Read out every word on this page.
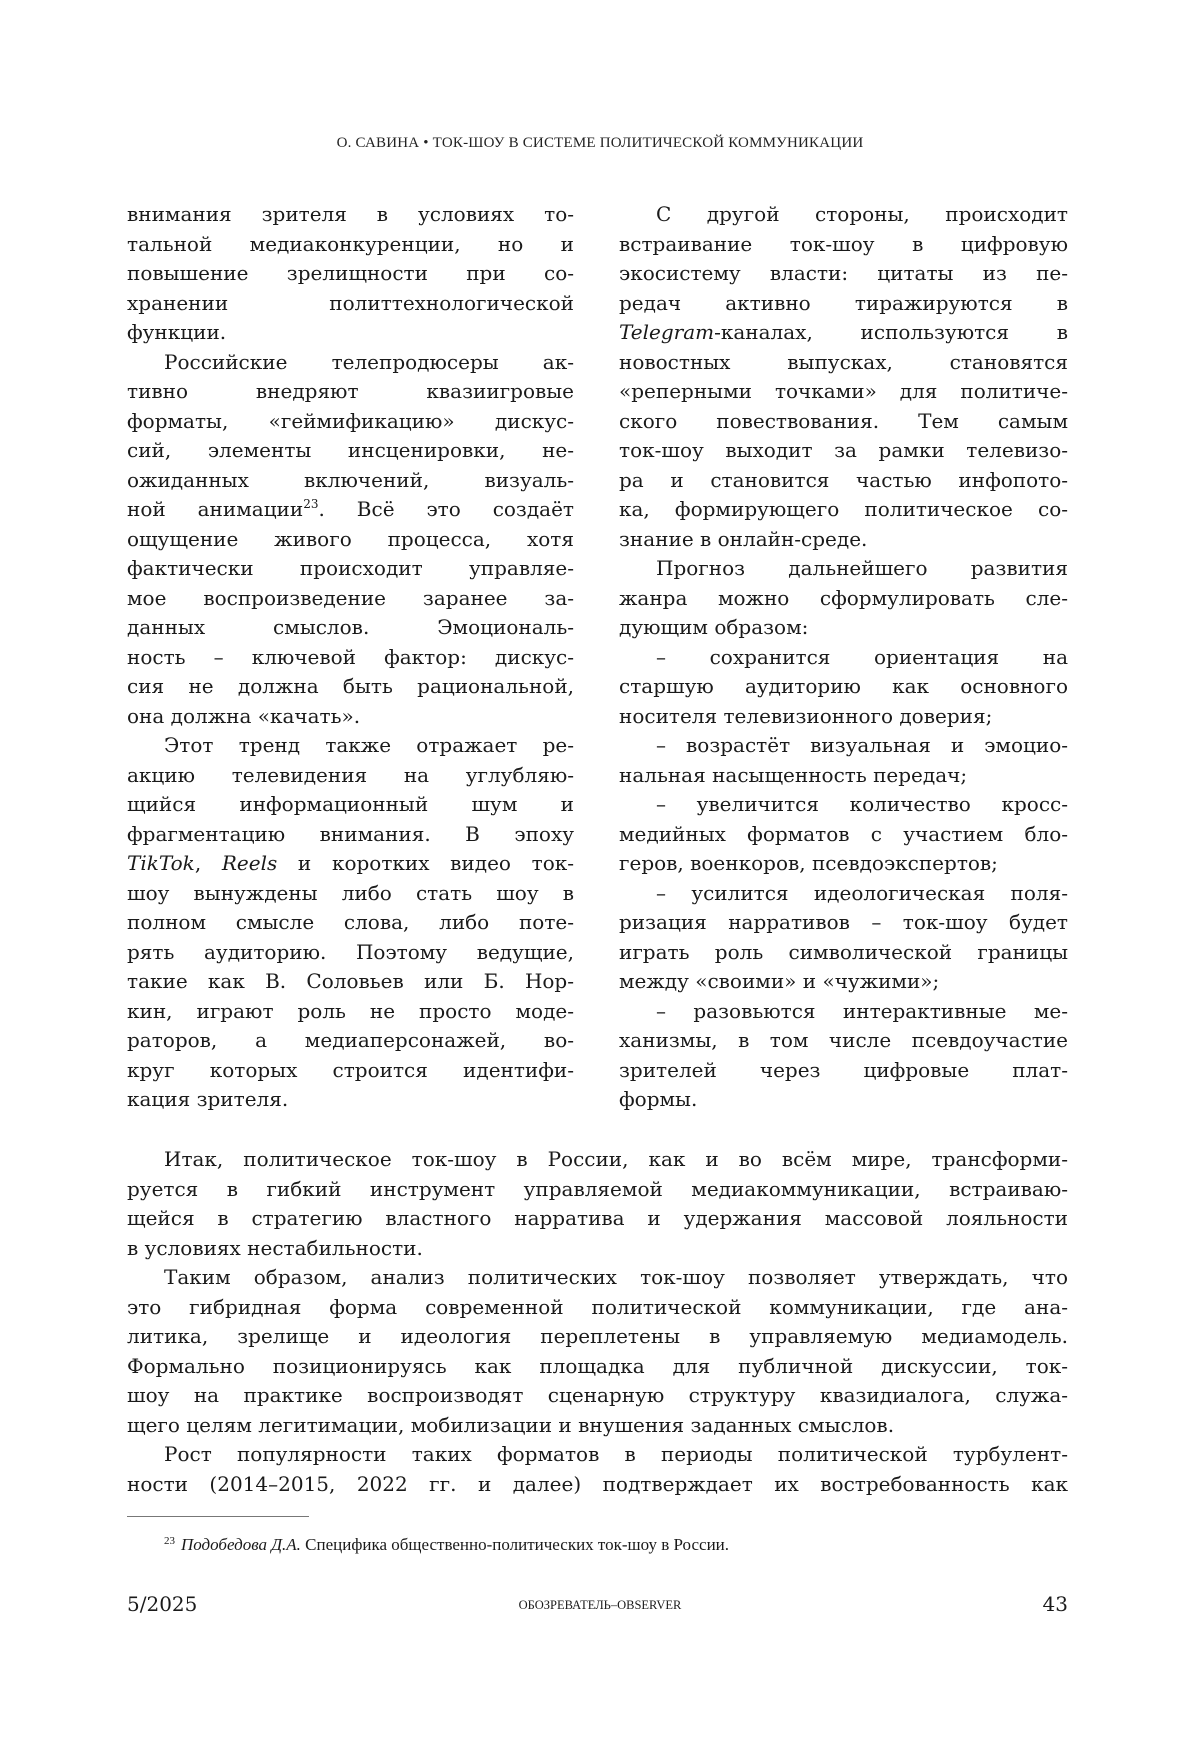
О. САВИНА • ТОК-ШОУ В СИСТЕМЕ ПОЛИТИЧЕСКОЙ КОММУНИКАЦИИ
внимания зрителя в условиях то-
тальной медиаконкуренции, но и
повышение зрелищности при со-
хранении политтехнологической
функции.
Российские телепродюсеры ак-
тивно внедряют квазиигровые
форматы, «геймификацию» дискус-
сий, элементы инсценировки, не-
ожиданных включений, визуаль-
ной анимации23. Всё это создаёт
ощущение живого процесса, хотя
фактически происходит управляе-
мое воспроизведение заранее за-
данных смыслов. Эмоциональ-
ность – ключевой фактор: дискус-
сия не должна быть рациональной,
она должна «качать».
Этот тренд также отражает ре-
акцию телевидения на углубляю-
щийся информационный шум и
фрагментацию внимания. В эпоху
TikTok, Reels и коротких видео ток-
шоу вынуждены либо стать шоу в
полном смысле слова, либо поте-
рять аудиторию. Поэтому ведущие,
такие как В. Соловьев или Б. Нор-
кин, играют роль не просто моде-
раторов, а медиаперсонажей, во-
круг которых строится идентифи-
кация зрителя.
С другой стороны, происходит
встраивание ток-шоу в цифровую
экосистему власти: цитаты из пе-
редач активно тиражируются в
Telegram-каналах, используются в
новостных выпусках, становятся
«реперными точками» для политиче-
ского повествования. Тем самым
ток-шоу выходит за рамки телевизо-
ра и становится частью инфопото-
ка, формирующего политическое со-
знание в онлайн-среде.
Прогноз дальнейшего развития
жанра можно сформулировать сле-
дующим образом:
– сохранится ориентация на
старшую аудиторию как основного
носителя телевизионного доверия;
– возрастёт визуальная и эмоцио-
нальная насыщенность передач;
– увеличится количество кросс-
медийных форматов с участием бло-
геров, военкоров, псевдоэкспертов;
– усилится идеологическая поля-
ризация нарративов – ток-шоу будет
играть роль символической границы
между «своими» и «чужими»;
– разовьются интерактивные ме-
ханизмы, в том числе псевдоучастие
зрителей через цифровые плат-
формы.
Итак, политическое ток-шоу в России, как и во всём мире, трансформи-
руется в гибкий инструмент управляемой медиакоммуникации, встраиваю-
щейся в стратегию властного нарратива и удержания массовой лояльности
в условиях нестабильности.
Таким образом, анализ политических ток-шоу позволяет утверждать, что
это гибридная форма современной политической коммуникации, где ана-
литика, зрелище и идеология переплетены в управляемую медиамодель.
Формально позиционируясь как площадка для публичной дискуссии, ток-
шоу на практике воспроизводят сценарную структуру квазидиалога, служа-
щего целям легитимации, мобилизации и внушения заданных смыслов.
Рост популярности таких форматов в периоды политической турбулент-
ности (2014–2015, 2022 гг. и далее) подтверждает их востребованность как
23 Подобедова Д.А. Специфика общественно-политических ток-шоу в России.
5/2025	ОБОЗРЕВАТЕЛЬ–OBSERVER	43
